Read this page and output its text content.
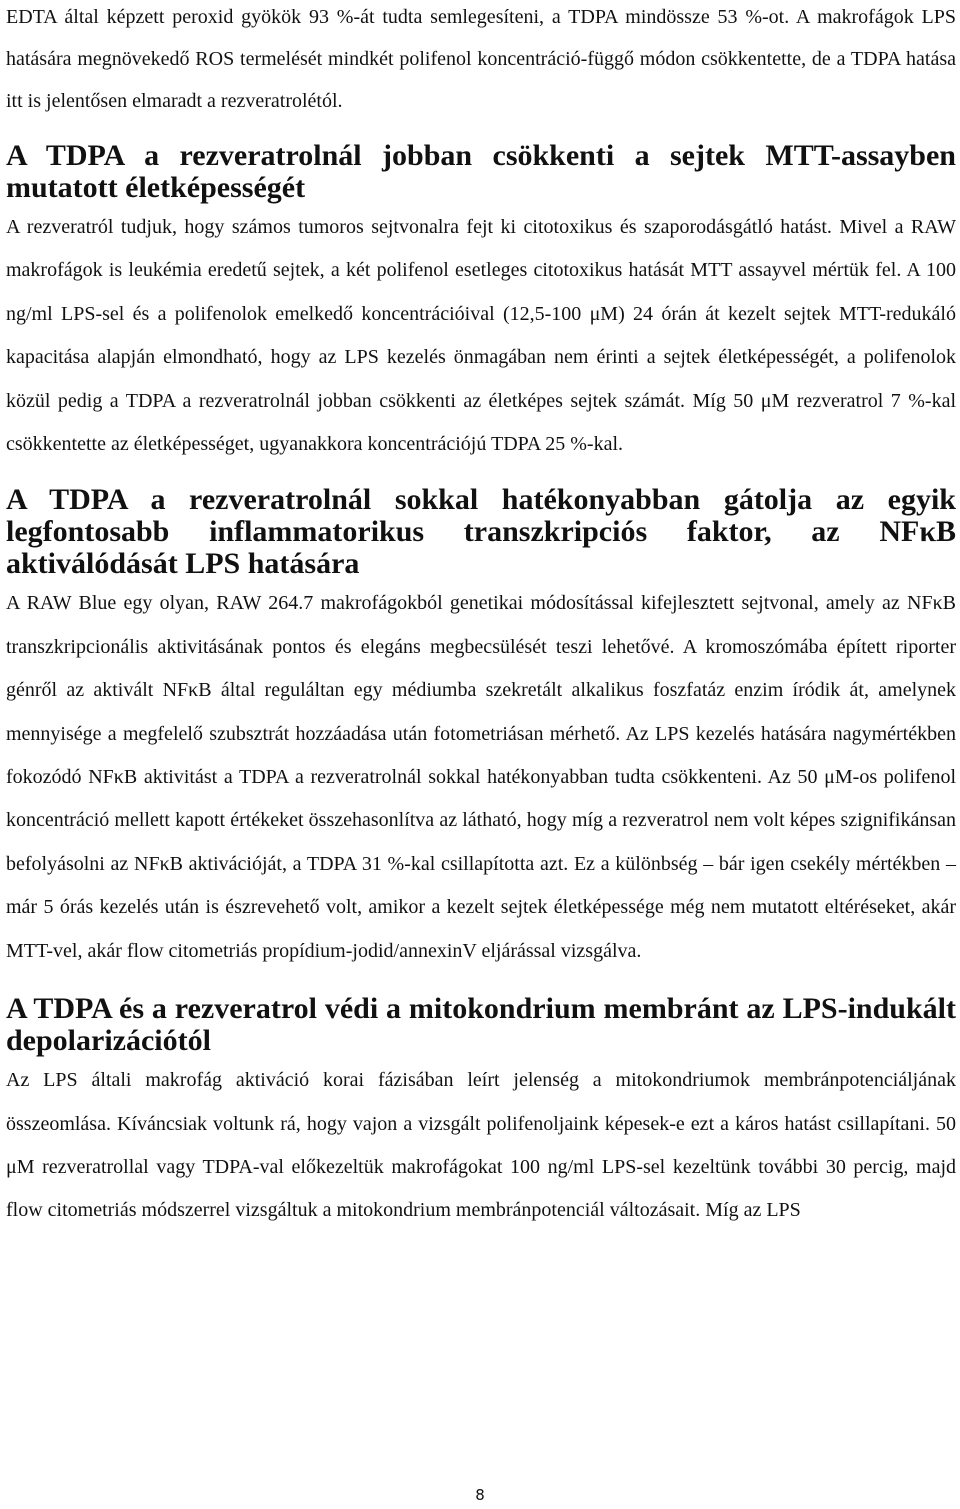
EDTA által képzett peroxid gyökök 93 %-át tudta semlegesíteni, a TDPA mindössze 53 %-ot. A makrofágok LPS hatására megnövekedő ROS termelését mindkét polifenol koncentráció-függő módon csökkentette, de a TDPA hatása itt is jelentősen elmaradt a rezveratrolétól.

A TDPA a rezveratrolnál jobban csökkenti a sejtek MTT-assayben mutatott életképességét

A rezveratról tudjuk, hogy számos tumoros sejtvonalra fejt ki citotoxikus és szaporodásgátló hatást. Mivel a RAW makrofágok is leukémia eredetű sejtek, a két polifenol esetleges citotoxikus hatását MTT assayvel mértük fel. A 100 ng/ml LPS-sel és a polifenolok emelkedő koncentrációival (12,5-100 μM) 24 órán át kezelt sejtek MTT-redukáló kapacitása alapján elmondható, hogy az LPS kezelés önmagában nem érinti a sejtek életképességét, a polifenolok közül pedig a TDPA a rezveratrolnál jobban csökkenti az életképes sejtek számát. Míg 50 μM rezveratrol 7 %-kal csökkentette az életképességet, ugyanakkora koncentrációjú TDPA 25 %-kal.

A TDPA a rezveratrolnál sokkal hatékonyabban gátolja az egyik legfontosabb inflammatorikus transzkripciós faktor, az NFκB aktiválódását LPS hatására

A RAW Blue egy olyan, RAW 264.7 makrofágokból genetikai módosítással kifejlesztett sejtvonal, amely az NFκB transzkripcionális aktivitásának pontos és elegáns megbecsülését teszi lehetővé. A kromoszómába épített riporter génről az aktivált NFκB által reguláltan egy médiumba szekretált alkalikus foszfatáz enzim íródik át, amelynek mennyisége a megfelelő szubsztrát hozzáadása után fotometriásan mérhető. Az LPS kezelés hatására nagymértékben fokozódó NFκB aktivitást a TDPA a rezveratrolnál sokkal hatékonyabban tudta csökkenteni. Az 50 μM-os polifenol koncentráció mellett kapott értékeket összehasonlítva az látható, hogy míg a rezveratrol nem volt képes szignifikánsan befolyásolni az NFκB aktivációját, a TDPA 31 %-kal csillapította azt. Ez a különbség – bár igen csekély mértékben – már 5 órás kezelés után is észrevehető volt, amikor a kezelt sejtek életképessége még nem mutatott eltéréseket, akár MTT-vel, akár flow citometriás propídium-jodid/annexinV eljárással vizsgálva.

A TDPA és a rezveratrol védi a mitokondrium membránt az LPS-indukált depolarizációtól

Az LPS általi makrofág aktiváció korai fázisában leírt jelenség a mitokondriumok membránpotenciáljának összeomlása. Kíváncsiak voltunk rá, hogy vajon a vizsgált polifenoljaink képesek-e ezt a káros hatást csillapítani. 50 μM rezveratrollal vagy TDPA-val előkezeltük makrofágokat 100 ng/ml LPS-sel kezeltünk további 30 percig, majd flow citometriás módszerrel vizsgáltuk a mitokondrium membránpotenciál változásait. Míg az LPS

8
